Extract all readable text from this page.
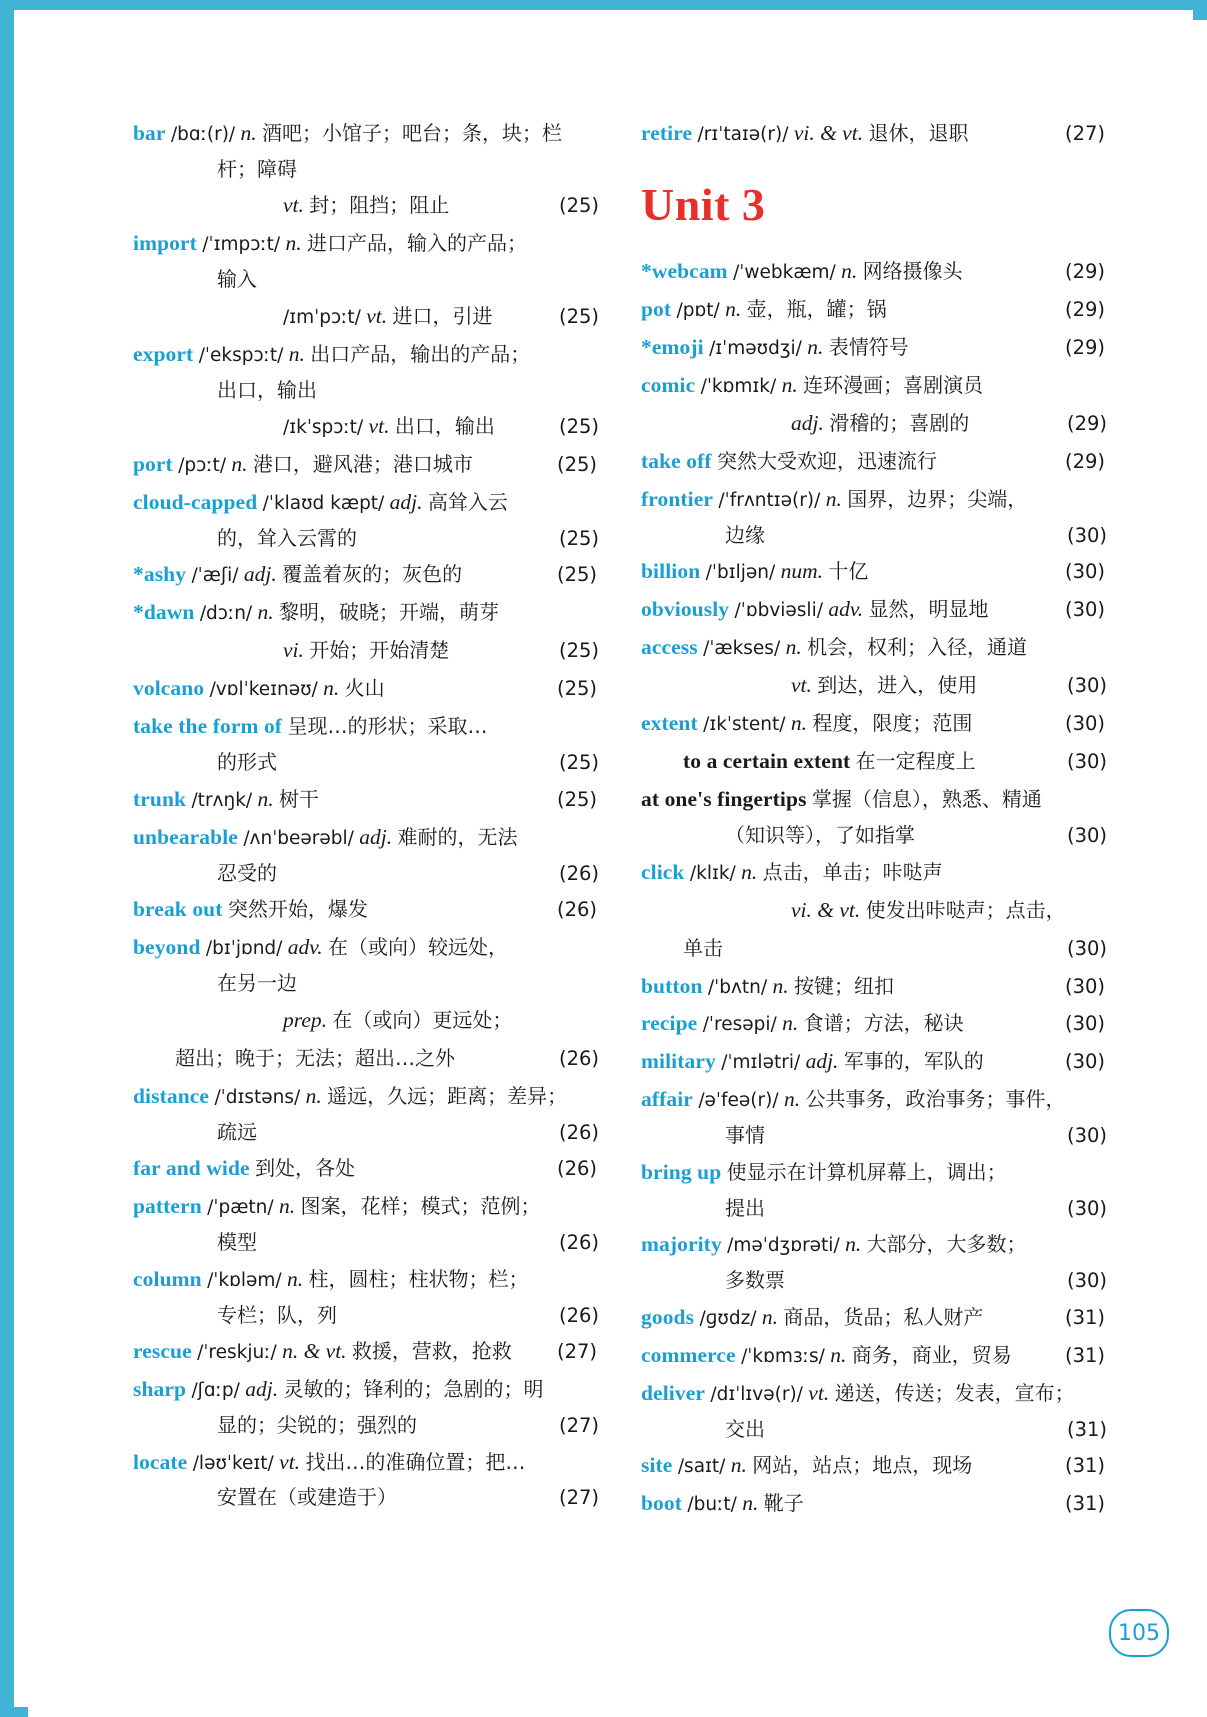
bar /bɑː(r)/ n. 酒吧；小馆子；吧台；条，块；栏
杆；障碍
vt. 封；阻挡；阻止	(25)
import /ˈɪmpɔːt/ n. 进口产品，输入的产品；
输入
/ɪmˈpɔːt/ vt. 进口，引进	(25)
export /ˈekspɔːt/ n. 出口产品，输出的产品；
出口，输出
/ɪkˈspɔːt/ vt. 出口，输出	(25)
port /pɔːt/ n. 港口，避风港；港口城市	(25)
cloud-capped /ˈklaʊd kæpt/ adj. 高耸入云
的，耸入云霄的	(25)
*ashy /ˈæʃi/ adj. 覆盖着灰的；灰色的	(25)
*dawn /dɔːn/ n. 黎明，破晓；开端，萌芽
vi. 开始；开始清楚	(25)
volcano /vɒlˈkeɪnəʊ/ n. 火山	(25)
take the form of 呈现…的形状；采取…
的形式	(25)
trunk /trʌŋk/ n. 树干	(25)
unbearable /ʌnˈbeərəbl/ adj. 难耐的，无法
忍受的	(26)
break out 突然开始，爆发	(26)
beyond /bɪˈjɒnd/ adv. 在（或向）较远处，
在另一边
prep. 在（或向）更远处；
超出；晚于；无法；超出…之外	(26)
distance /ˈdɪstəns/ n. 遥远，久远；距离；差异；
疏远	(26)
far and wide 到处，各处	(26)
pattern /ˈpætn/ n. 图案，花样；模式；范例；
模型	(26)
column /ˈkɒləm/ n. 柱，圆柱；柱状物；栏；
专栏；队，列	(26)
rescue /ˈreskjuː/ n. & vt. 救援，营救，抢救	(27)
sharp /ʃɑːp/ adj. 灵敏的；锋利的；急剧的；明
显的；尖锐的；强烈的	(27)
locate /ləʊˈkeɪt/ vt. 找出…的准确位置；把…
安置在（或建造于）	(27)
retire /rɪˈtaɪə(r)/ vi. & vt. 退休，退职	(27)
Unit 3
*webcam /ˈwebkæm/ n. 网络摄像头	(29)
pot /pɒt/ n. 壶，瓶，罐；锅	(29)
*emoji /ɪˈməʊdʒi/ n. 表情符号	(29)
comic /ˈkɒmɪk/ n. 连环漫画；喜剧演员
adj. 滑稽的；喜剧的	(29)
take off 突然大受欢迎，迅速流行	(29)
frontier /ˈfrʌntɪə(r)/ n. 国界，边界；尖端，
边缘	(30)
billion /ˈbɪljən/ num. 十亿	(30)
obviously /ˈɒbviəsli/ adv. 显然，明显地	(30)
access /ˈækses/ n. 机会，权利；入径，通道
vt. 到达，进入，使用	(30)
extent /ɪkˈstent/ n. 程度，限度；范围	(30)
to a certain extent 在一定程度上	(30)
at one's fingertips 掌握（信息），熟悉、精通
（知识等），了如指掌	(30)
click /klɪk/ n. 点击，单击；咔哒声
vi. & vt. 使发出咔哒声；点击，
单击	(30)
button /ˈbʌtn/ n. 按键；纽扣	(30)
recipe /ˈresəpi/ n. 食谱；方法，秘诀	(30)
military /ˈmɪlətri/ adj. 军事的，军队的	(30)
affair /əˈfeə(r)/ n. 公共事务，政治事务；事件，
事情	(30)
bring up 使显示在计算机屏幕上，调出；
提出	(30)
majority /məˈdʒɒrəti/ n. 大部分，大多数；
多数票	(30)
goods /ɡʊdz/ n. 商品，货品；私人财产	(31)
commerce /ˈkɒmɜːs/ n. 商务，商业，贸易	(31)
deliver /dɪˈlɪvə(r)/ vt. 递送，传送；发表，宣布；
交出	(31)
site /saɪt/ n. 网站，站点；地点，现场	(31)
boot /buːt/ n. 靴子	(31)
105
